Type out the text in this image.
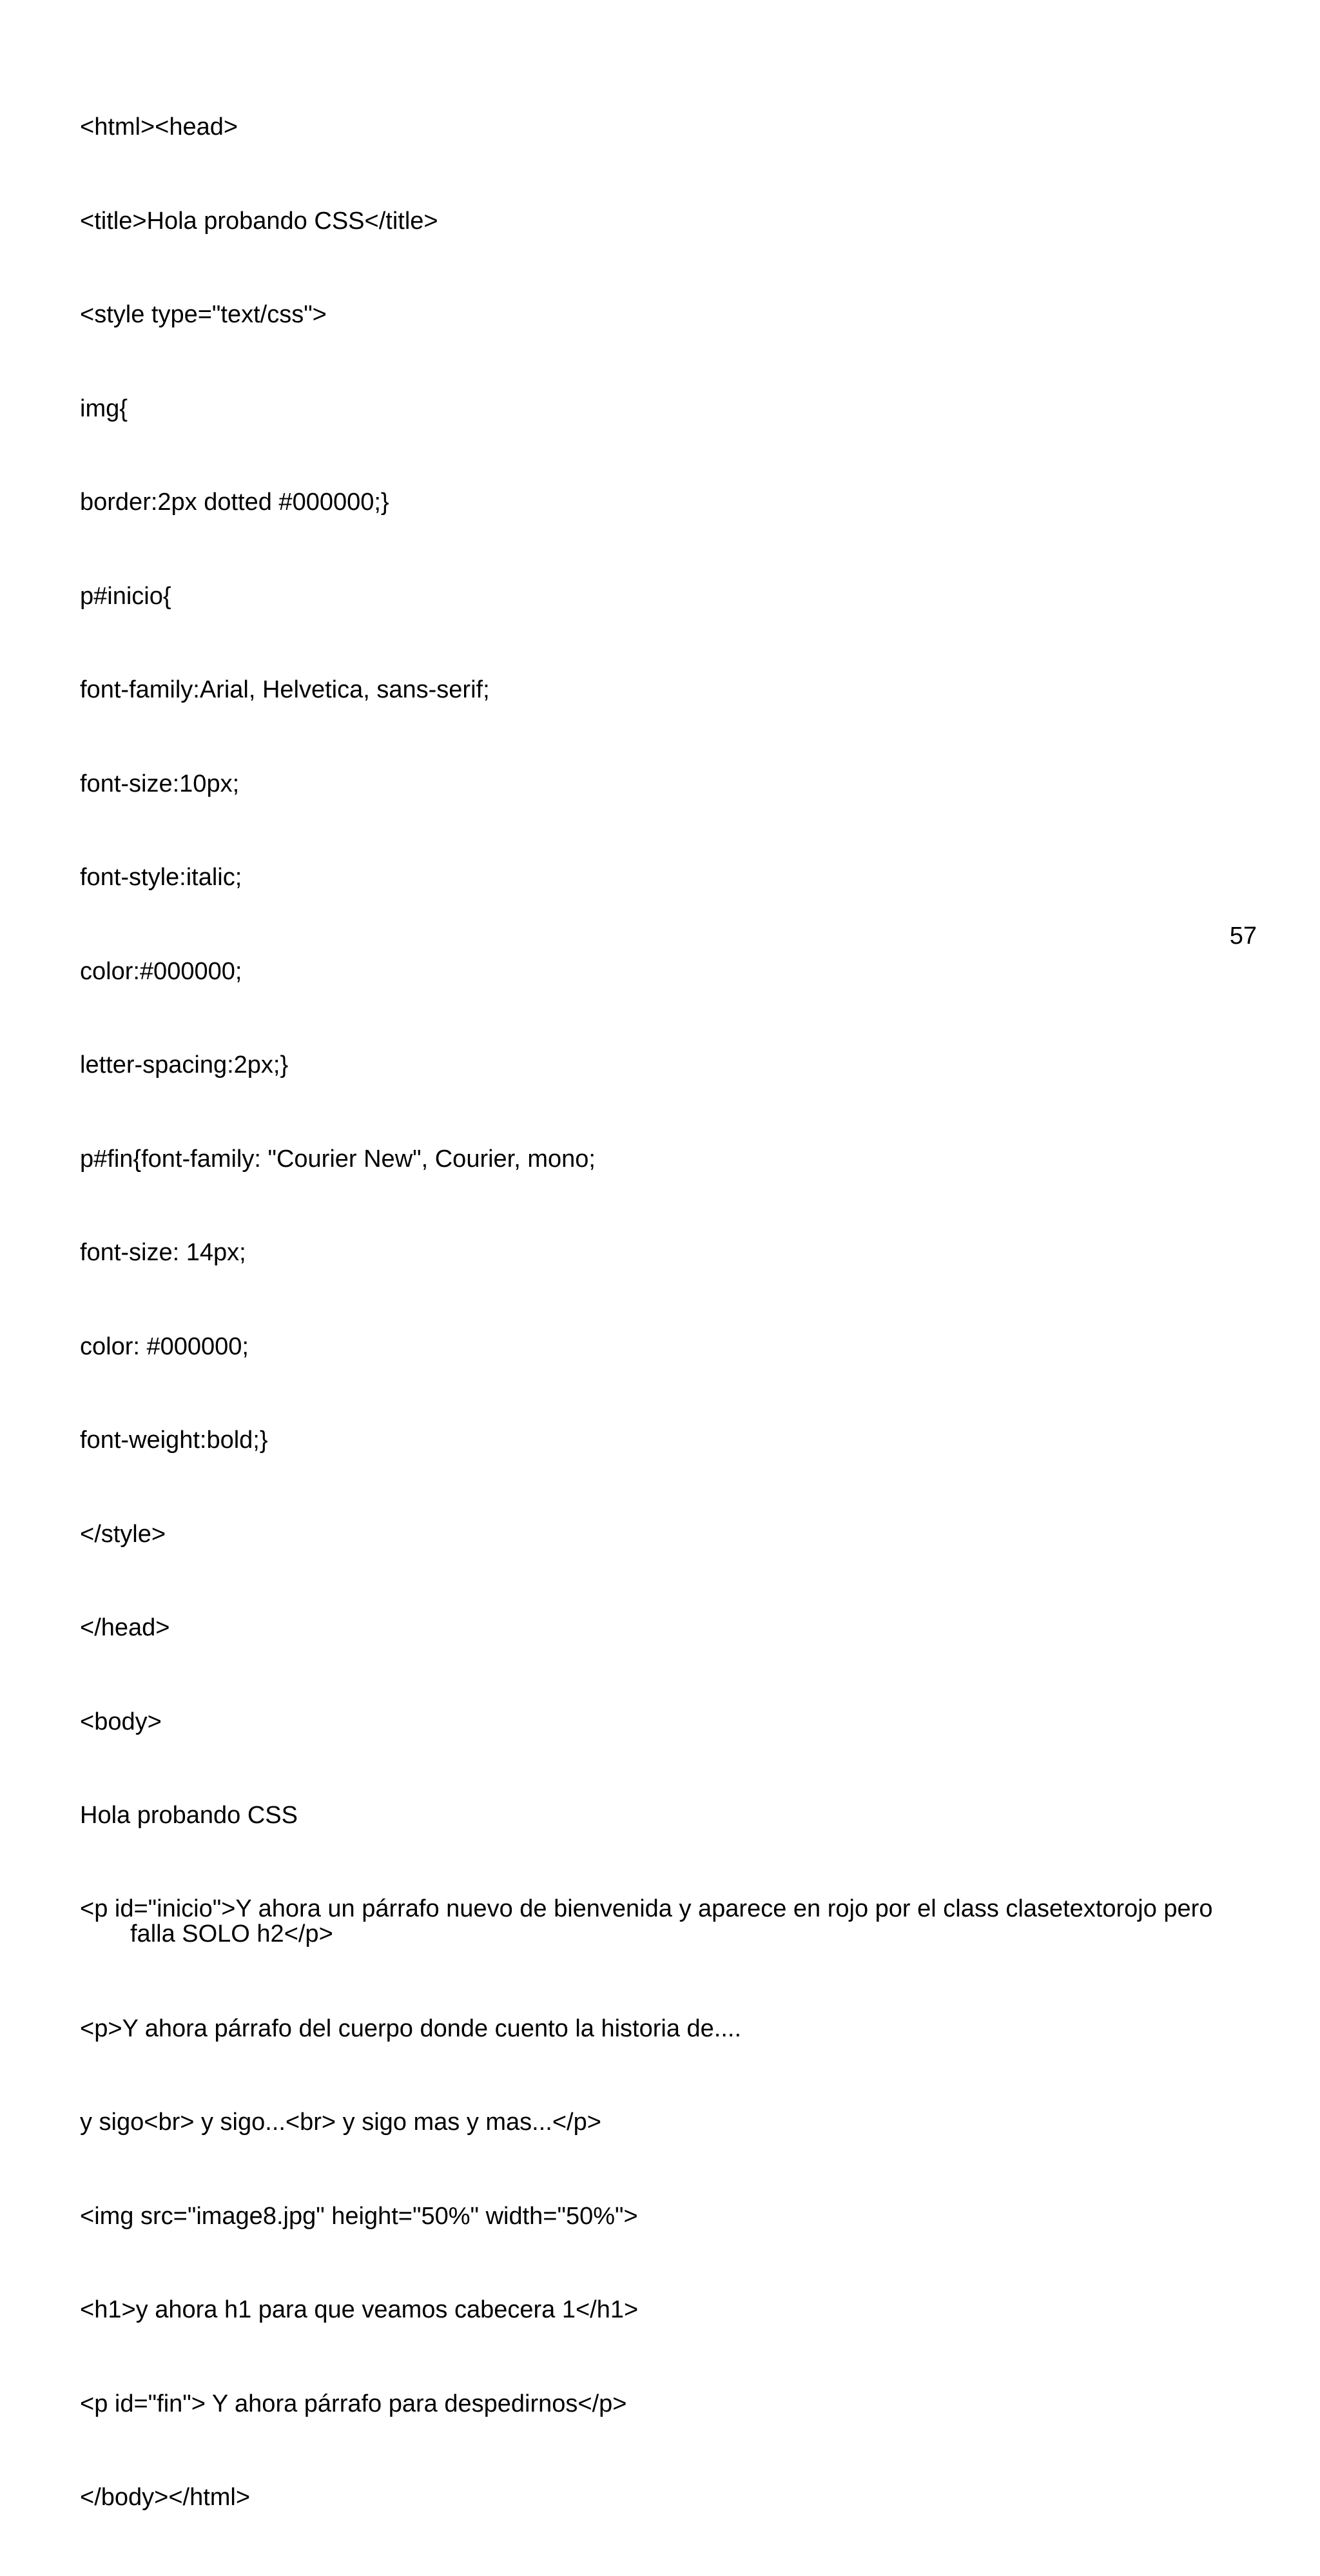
<html><head>

<title>Hola probando CSS</title>

<style type="text/css">

img{

border:2px dotted #000000;}

p#inicio{

font-family:Arial, Helvetica, sans-serif;

font-size:10px;

font-style:italic;

color:#000000;

letter-spacing:2px;}

p#fin{font-family: "Courier New", Courier, mono;

font-size: 14px;

color: #000000;

font-weight:bold;}

</style>

</head>

<body>

Hola probando CSS

<p id="inicio">Y ahora un párrafo nuevo de bienvenida y aparece en rojo por el class clasetextorojo pero falla SOLO h2</p>

<p>Y ahora párrafo del cuerpo donde cuento la historia de....

y sigo<br> y sigo...<br> y sigo mas y mas...</p>

<img src="image8.jpg" height="50%" width="50%">

<h1>y ahora h1 para que veamos cabecera 1</h1>

<p id="fin"> Y ahora párrafo para despedirnos</p>

</body></html>

57
